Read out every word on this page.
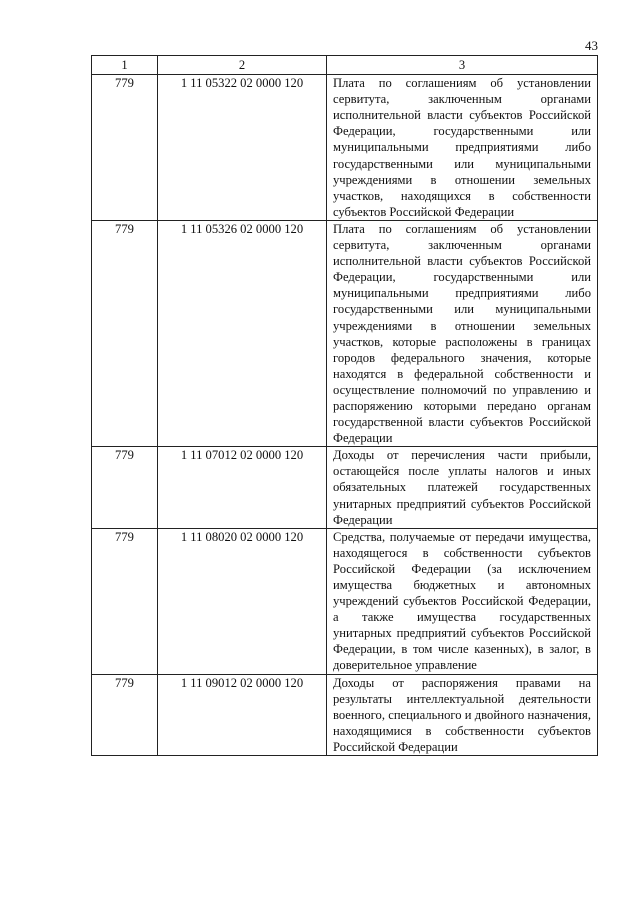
43
1	2	3
779	1 11 05322 02 0000 120	Плата по соглашениям об установлении сервитута, заключенным органами исполнительной власти субъектов Российской Федерации, государственными или муниципальными предприятиями либо государственными или муниципальными учреждениями в отношении земельных участков, находящихся в собственности субъектов Российской Федерации
779	1 11 05326 02 0000 120	Плата по соглашениям об установлении сервитута, заключенным органами исполнительной власти субъектов Российской Федерации, государственными или муниципальными предприятиями либо государственными или муниципальными учреждениями в отношении земельных участков, которые расположены в границах городов федерального значения, которые находятся в федеральной собственности и осуществление полномочий по управлению и распоряжению которыми передано органам государственной власти субъектов Российской Федерации
779	1 11 07012 02 0000 120	Доходы от перечисления части прибыли, остающейся после уплаты налогов и иных обязательных платежей государственных унитарных предприятий субъектов Российской Федерации
779	1 11 08020 02 0000 120	Средства, получаемые от передачи имущества, находящегося в собственности субъектов Российской Федерации (за исключением имущества бюджетных и автономных учреждений субъектов Российской Федерации, а также имущества государственных унитарных предприятий субъектов Российской Федерации, в том числе казенных), в залог, в доверительное управление
779	1 11 09012 02 0000 120	Доходы от распоряжения правами на результаты интеллектуальной деятельности военного, специального и двойного назначения, находящимися в собственности субъектов Российской Федерации
